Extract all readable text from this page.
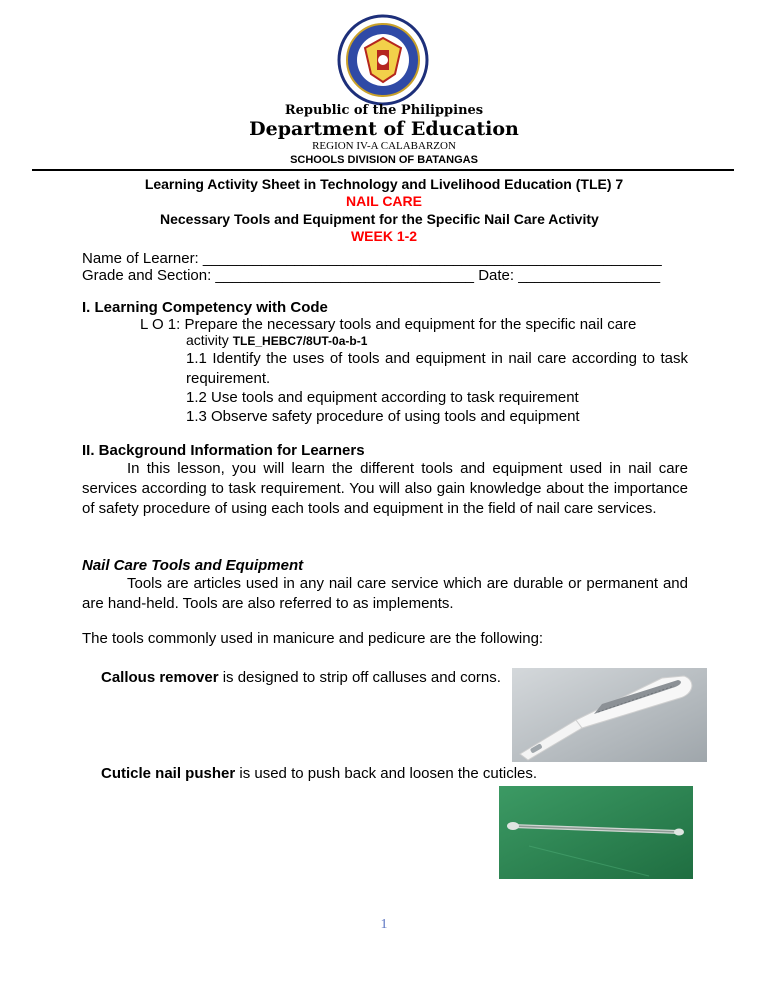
Republic of the Philippines
Department of Education
REGION IV-A CALABARZON
SCHOOLS DIVISION OF BATANGAS
Learning Activity Sheet in Technology and Livelihood Education (TLE) 7
NAIL CARE
Necessary Tools and Equipment for the Specific Nail Care Activity
WEEK 1-2
Name of Learner: _______________________________________________________
Grade and Section: _______________________________ Date: _________________
I. Learning Competency with Code
L O 1: Prepare the necessary tools and equipment for the specific nail care
activity TLE_HEBC7/8UT-0a-b-1
1.1 Identify the uses of tools and equipment in nail care according to task requirement.
1.2 Use tools and equipment according to task requirement
1.3 Observe safety procedure of using tools and equipment
II. Background Information for Learners

In this lesson, you will learn the different tools and equipment used in nail care services according to task requirement. You will also gain knowledge about the importance of safety procedure of using each tools and equipment in the field of nail care services.

Nail Care Tools and Equipment

Tools are articles used in any nail care service which are durable or permanent and are hand-held. Tools are also referred to as implements.

The tools commonly used in manicure and pedicure are the following:
Callous remover is designed to strip off calluses and corns.
Cuticle nail pusher is used to push back and loosen the cuticles.
1
